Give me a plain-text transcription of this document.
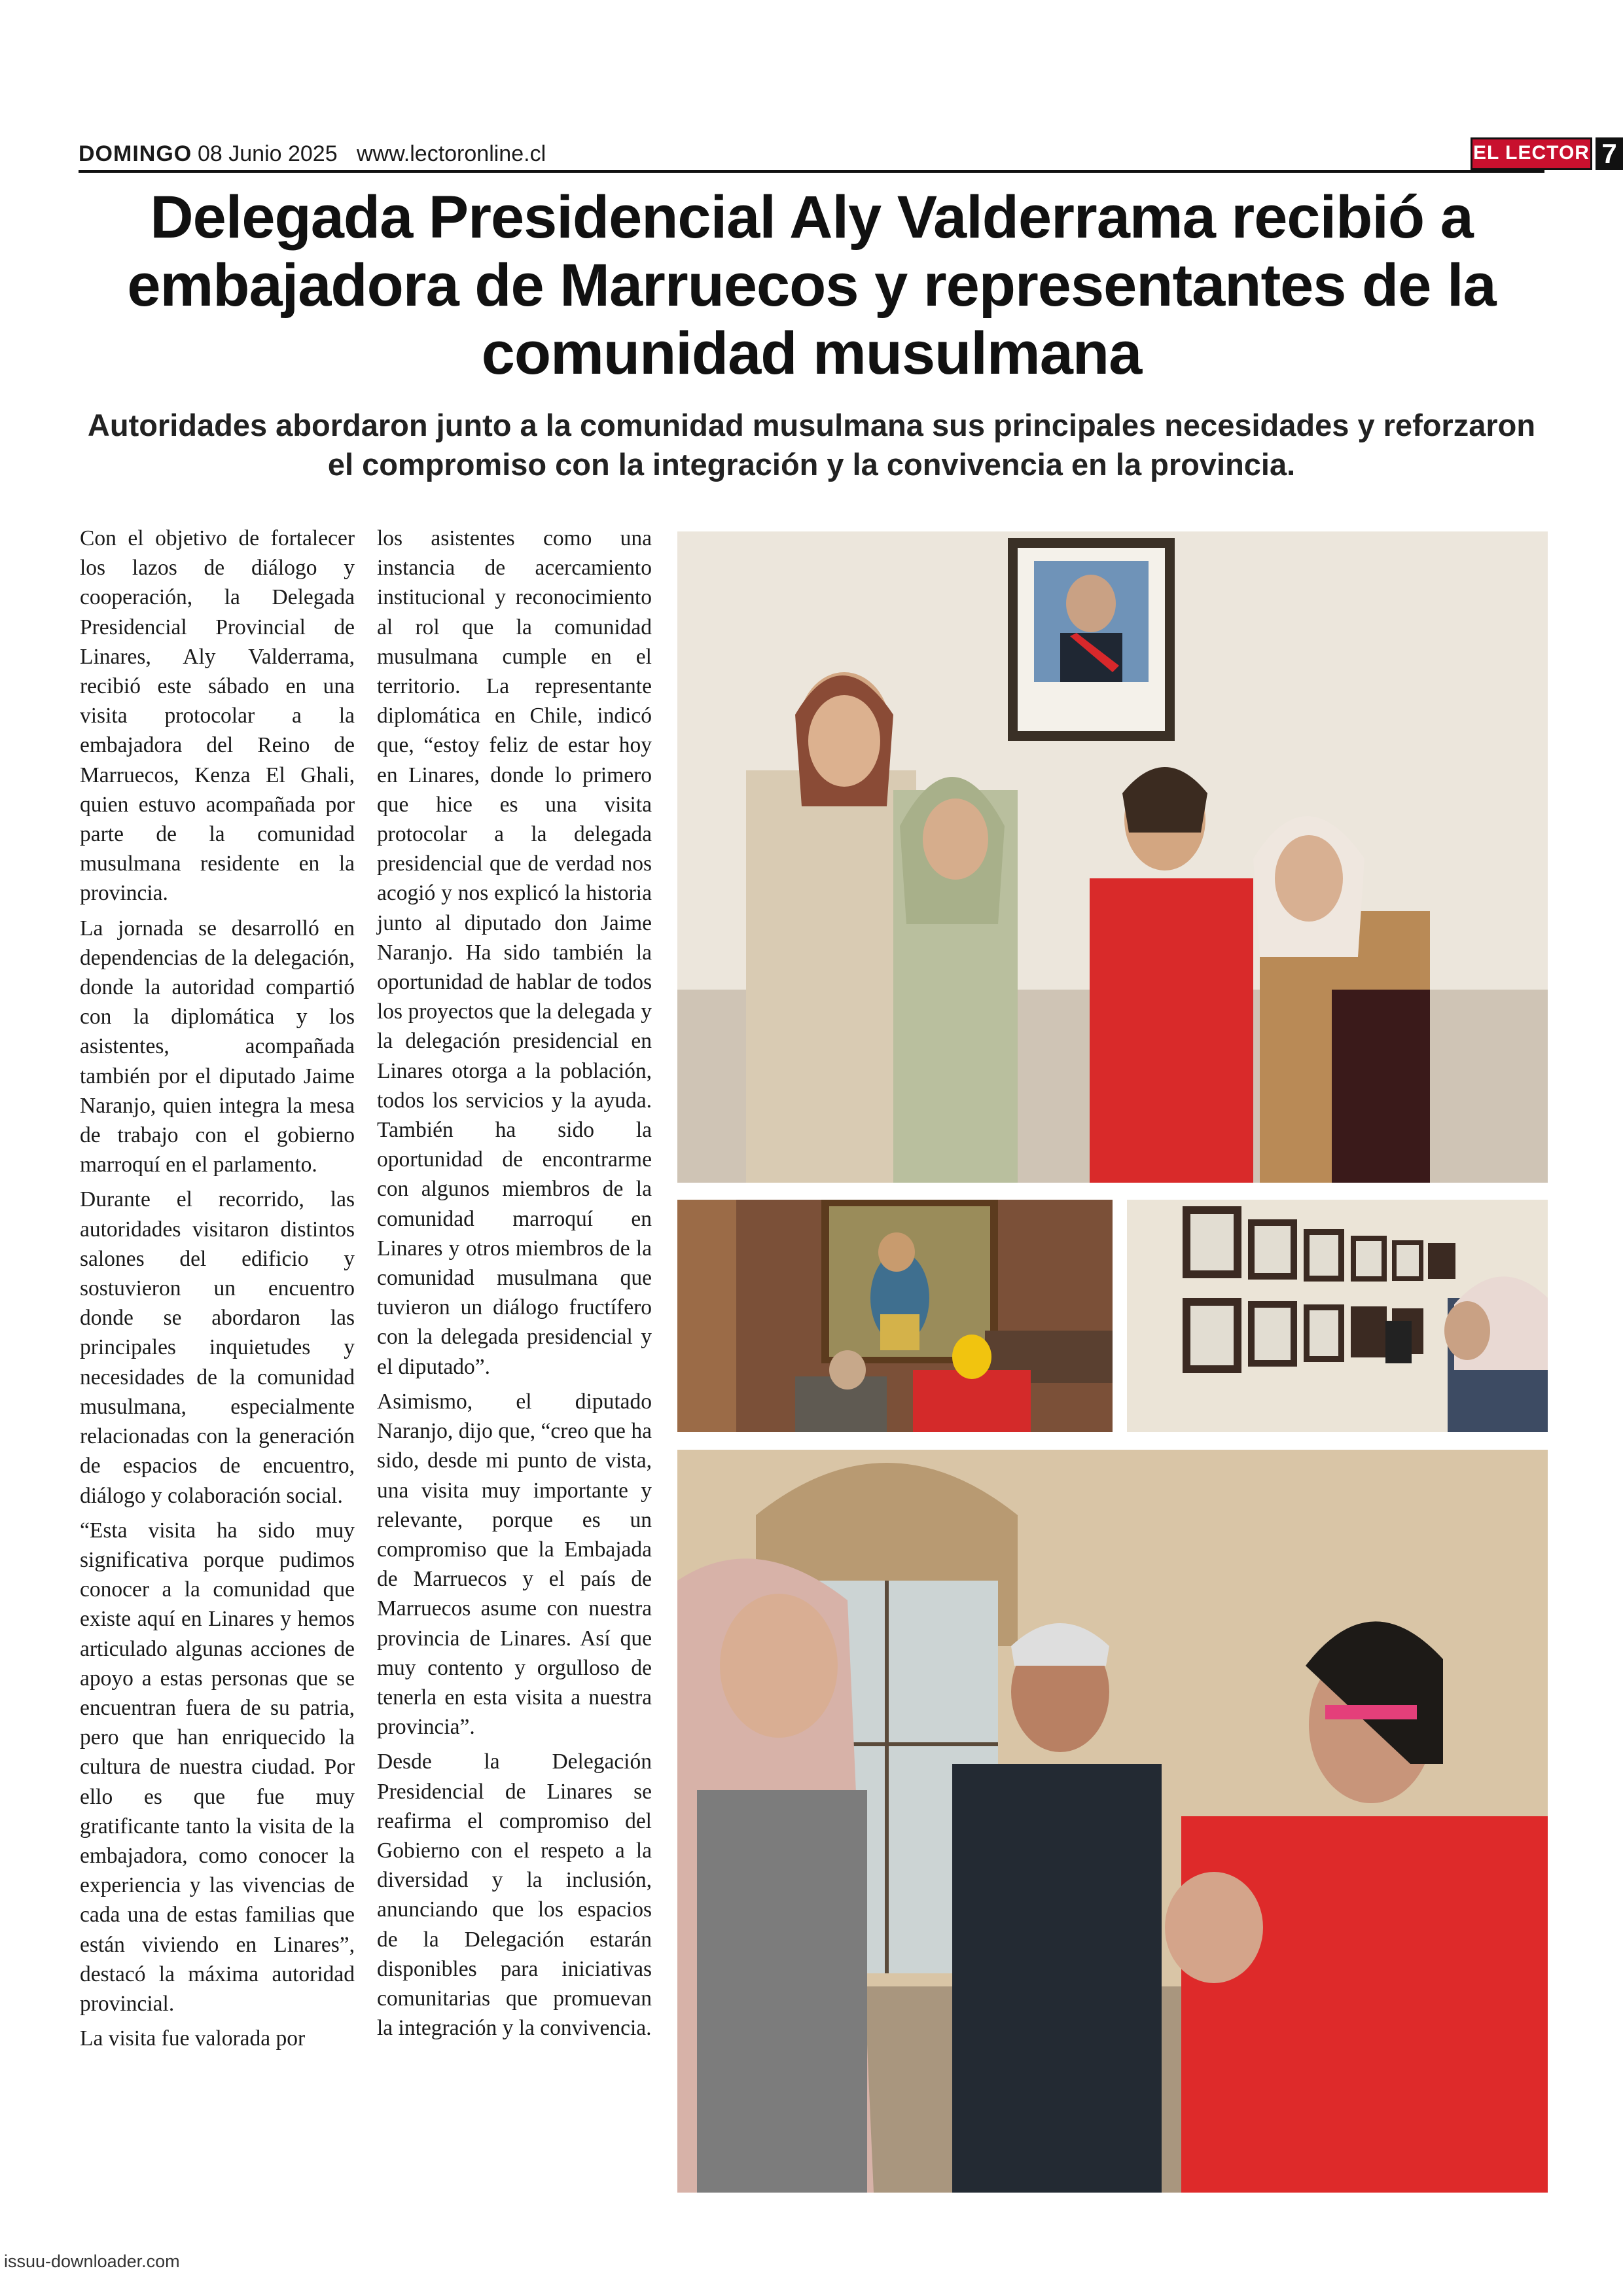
DOMINGO 08 Junio 2025 www.lectoronline.cl	EL LECTOR 7
Delegada Presidencial Aly Valderrama recibió a embajadora de Marruecos y representantes de la comunidad musulmana
Autoridades abordaron junto a la comunidad musulmana sus principales necesidades y reforzaron el compromiso con la integración y la convivencia en la provincia.

Con el objetivo de fortalecer los lazos de diálogo y cooperación, la Delegada Presidencial Provincial de Linares, Aly Valderrama, recibió este sábado en una visita protocolar a la embajadora del Reino de Marruecos, Kenza El Ghali, quien estuvo acompañada por parte de la comunidad musulmana residente en la provincia.

La jornada se desarrolló en dependencias de la delegación, donde la autoridad compartió con la diplomática y los asistentes, acompañada también por el diputado Jaime Naranjo, quien integra la mesa de trabajo con el gobierno marroquí en el parlamento.

Durante el recorrido, las autoridades visitaron distintos salones del edificio y sostuvieron un encuentro donde se abordaron las principales inquietudes y necesidades de la comunidad musulmana, especialmente relacionadas con la generación de espacios de encuentro, diálogo y colaboración social.

“Esta visita ha sido muy significativa porque pudimos conocer a la comunidad que existe aquí en Linares y hemos articulado algunas acciones de apoyo a estas personas que se encuentran fuera de su patria, pero que han enriquecido la cultura de nuestra ciudad. Por ello es que fue muy gratificante tanto la visita de la embajadora, como conocer la experiencia y las vivencias de cada una de estas familias que están viviendo en Linares”, destacó la máxima autoridad provincial.

La visita fue valorada por

los asistentes como una instancia de acercamiento institucional y reconocimiento al rol que la comunidad musulmana cumple en el territorio. La representante diplomática en Chile, indicó que, “estoy feliz de estar hoy en Linares, donde lo primero que hice es una visita protocolar a la delegada presidencial que de verdad nos acogió y nos explicó la historia junto al diputado don Jaime Naranjo. Ha sido también la oportunidad de hablar de todos los proyectos que la delegada y la delegación presidencial en Linares otorga a la población, todos los servicios y la ayuda. También ha sido la oportunidad de encontrarme con algunos miembros de la comunidad marroquí en Linares y otros miembros de la comunidad musulmana que tuvieron un diálogo fructífero con la delegada presidencial y el diputado”.

Asimismo, el diputado Naranjo, dijo que, “creo que ha sido, desde mi punto de vista, una visita muy importante y relevante, porque es un compromiso que la Embajada de Marruecos y el país de Marruecos asume con nuestra provincia de Linares. Así que muy contento y orgulloso de tenerla en esta visita a nuestra provincia”.

Desde la Delegación Presidencial de Linares se reafirma el compromiso del Gobierno con el respeto a la diversidad y la inclusión, anunciando que los espacios de la Delegación estarán disponibles para iniciativas comunitarias que promuevan la integración y la convivencia.

issuu-downloader.com
